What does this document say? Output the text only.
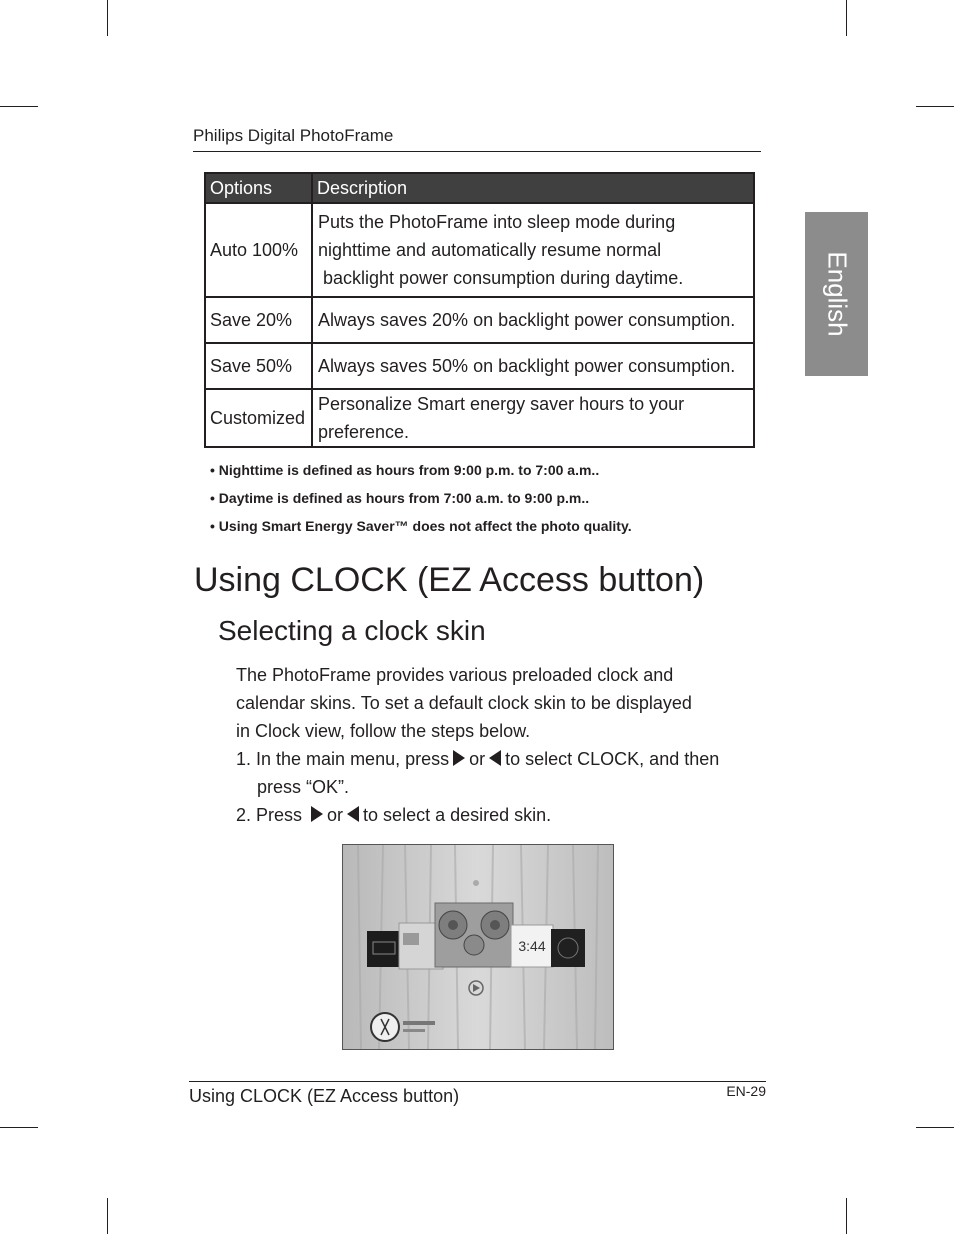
Philips Digital PhotoFrame
English
Options	Description
Auto 100%	Puts the PhotoFrame into sleep mode during
nighttime and automatically resume normal
backlight power consumption during daytime.
Save 20%	Always saves 20% on backlight power consumption.
Save 50%	Always saves 50% on backlight power consumption.
Customized	Personalize Smart energy saver hours to your
preference.
• Nighttime is defined as hours from 9:00 p.m. to 7:00 a.m..
• Daytime is defined as hours from 7:00 a.m. to 9:00 p.m..
• Using Smart Energy Saver™ does not affect the photo quality.
Using CLOCK (EZ Access button)
Selecting a clock skin
The PhotoFrame provides various preloaded clock and
calendar skins. To set a default clock skin to be displayed
in Clock view, follow the steps below.
1. In the main menu, press or to select CLOCK, and then
press “OK”.
2. Press or to select a desired skin.
3:44
Using CLOCK (EZ Access button)	EN-29
